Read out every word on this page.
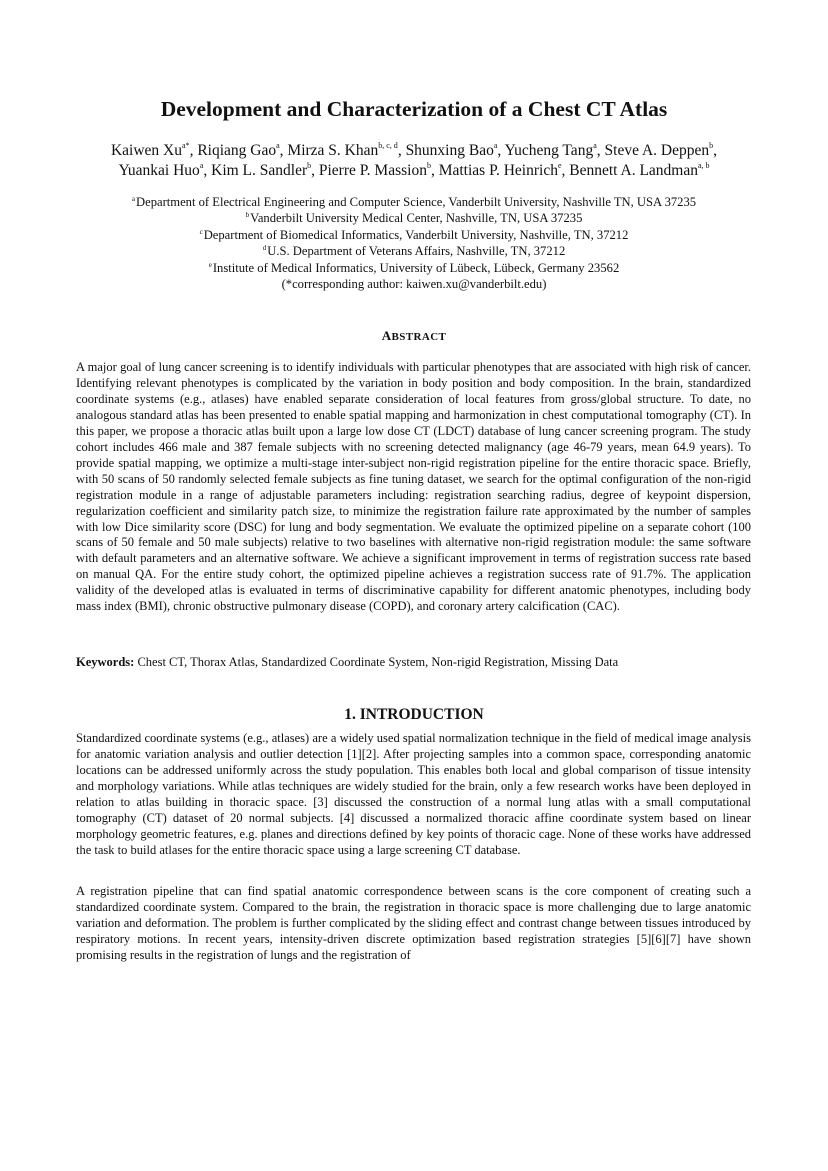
Development and Characterization of a Chest CT Atlas
Kaiwen $Xu^{a*}$, Riqiang Gao$^a$, Mirza S. Khan$^{b, c, d}$, Shunxing Bao$^a$, Yucheng Tang$^a$, Steve A. Deppen$^b$,
Yuankai Huo$^a$, Kim L. Sandler$^b$, Pierre P. Massion$^b$, Mattias P. Heinrich$^e$, Bennett A. Landman$^{a, b}$
$^a$Department of Electrical Engineering and Computer Science, Vanderbilt University, Nashville TN, USA 37235
$^b$Vanderbilt University Medical Center, Nashville, TN, USA 37235
$^c$Department of Biomedical Informatics, Vanderbilt University, Nashville, TN, 37212
$^d$U.S. Department of Veterans Affairs, Nashville, TN, 37212
$^e$Institute of Medical Informatics, University of Lübeck, Lübeck, Germany 23562
(*corresponding author: kaiwen.xu@vanderbilt.edu)
ABSTRACT

A major goal of lung cancer screening is to identify individuals with particular phenotypes that are associated with high risk of cancer. Identifying relevant phenotypes is complicated by the variation in body position and body composition. In the brain, standardized coordinate systems (e.g., atlases) have enabled separate consideration of local features from gross/global structure. To date, no analogous standard atlas has been presented to enable spatial mapping and harmonization in chest computational tomography (CT). In this paper, we propose a thoracic atlas built upon a large low dose CT (LDCT) database of lung cancer screening program. The study cohort includes 466 male and 387 female subjects with no screening detected malignancy (age 46-79 years, mean 64.9 years). To provide spatial mapping, we optimize a multi-stage inter-subject non-rigid registration pipeline for the entire thoracic space. Briefly, with 50 scans of 50 randomly selected female subjects as fine tuning dataset, we search for the optimal configuration of the non-rigid registration module in a range of adjustable parameters including: registration searching radius, degree of keypoint dispersion, regularization coefficient and similarity patch size, to minimize the registration failure rate approximated by the number of samples with low Dice similarity score (DSC) for lung and body segmentation. We evaluate the optimized pipeline on a separate cohort (100 scans of 50 female and 50 male subjects) relative to two baselines with alternative non-rigid registration module: the same software with default parameters and an alternative software. We achieve a significant improvement in terms of registration success rate based on manual QA. For the entire study cohort, the optimized pipeline achieves a registration success rate of 91.7%. The application validity of the developed atlas is evaluated in terms of discriminative capability for different anatomic phenotypes, including body mass index (BMI), chronic obstructive pulmonary disease (COPD), and coronary artery calcification (CAC).

Keywords: Chest CT, Thorax Atlas, Standardized Coordinate System, Non-rigid Registration, Missing Data

1. INTRODUCTION

Standardized coordinate systems (e.g., atlases) are a widely used spatial normalization technique in the field of medical image analysis for anatomic variation analysis and outlier detection [1][2]. After projecting samples into a common space, corresponding anatomic locations can be addressed uniformly across the study population. This enables both local and global comparison of tissue intensity and morphology variations. While atlas techniques are widely studied for the brain, only a few research works have been deployed in relation to atlas building in thoracic space. [3] discussed the construction of a normal lung atlas with a small computational tomography (CT) dataset of 20 normal subjects. [4] discussed a normalized thoracic affine coordinate system based on linear morphology geometric features, e.g. planes and directions defined by key points of thoracic cage. None of these works have addressed the task to build atlases for the entire thoracic space using a large screening CT database.

A registration pipeline that can find spatial anatomic correspondence between scans is the core component of creating such a standardized coordinate system. Compared to the brain, the registration in thoracic space is more challenging due to large anatomic variation and deformation. The problem is further complicated by the sliding effect and contrast change between tissues introduced by respiratory motions. In recent years, intensity-driven discrete optimization based registration strategies [5][6][7] have shown promising results in the registration of lungs and the registration of
